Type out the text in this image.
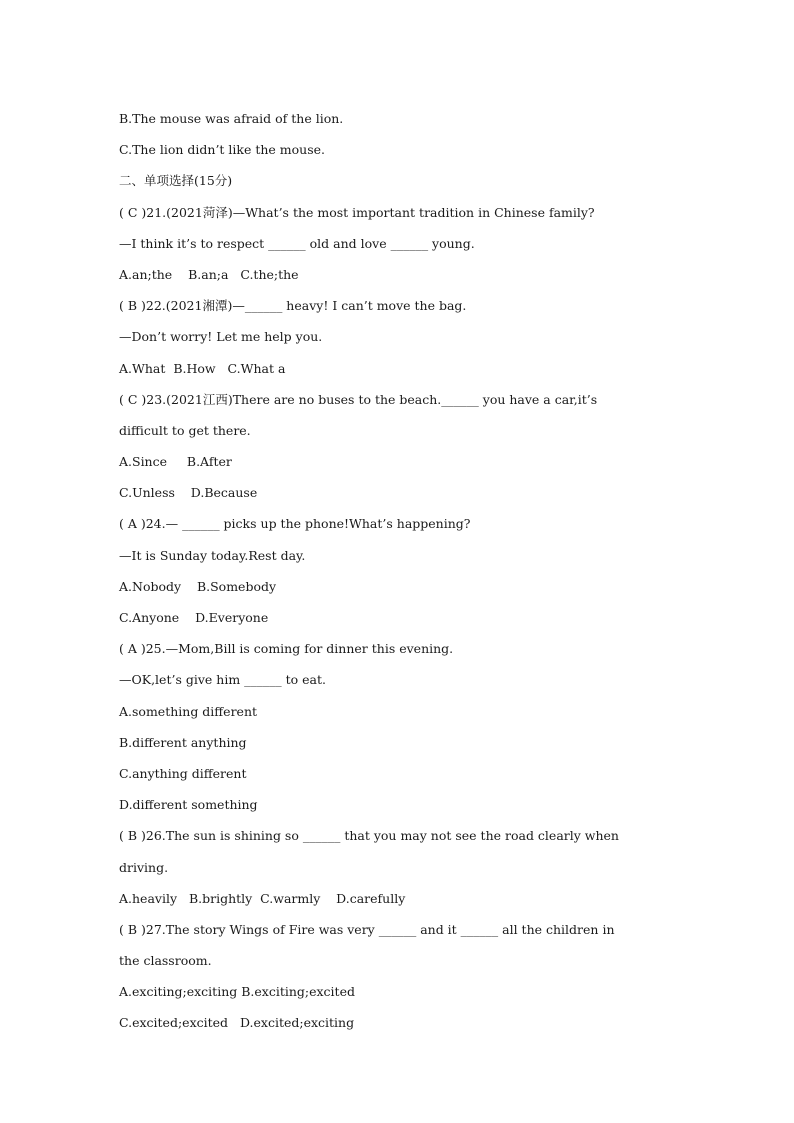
B.The mouse was afraid of the lion.
C.The lion didn’t like the mouse.
二、单项选择(15分)
( C )21.(2021菏泽)—What’s the most important tradition in Chinese family?
—I think it’s to respect ______ old and love ______ young.
A.an;the    B.an;a   C.the;the
( B )22.(2021湘潭)—______ heavy! I can’t move the bag.
—Don’t worry! Let me help you.
A.What  B.How   C.What a
( C )23.(2021江西)There are no buses to the beach.______ you have a car,it’s
difficult to get there.
A.Since     B.After
C.Unless    D.Because
( A )24.— ______ picks up the phone!What’s happening?
—It is Sunday today.Rest day.
A.Nobody    B.Somebody
C.Anyone    D.Everyone
( A )25.—Mom,Bill is coming for dinner this evening.
—OK,let’s give him ______ to eat.
A.something different
B.different anything
C.anything different
D.different something
( B )26.The sun is shining so ______ that you may not see the road clearly when
driving.
A.heavily   B.brightly  C.warmly    D.carefully
( B )27.The story Wings of Fire was very ______ and it ______ all the children in
the classroom.
A.exciting;exciting B.exciting;excited
C.excited;excited   D.excited;exciting
